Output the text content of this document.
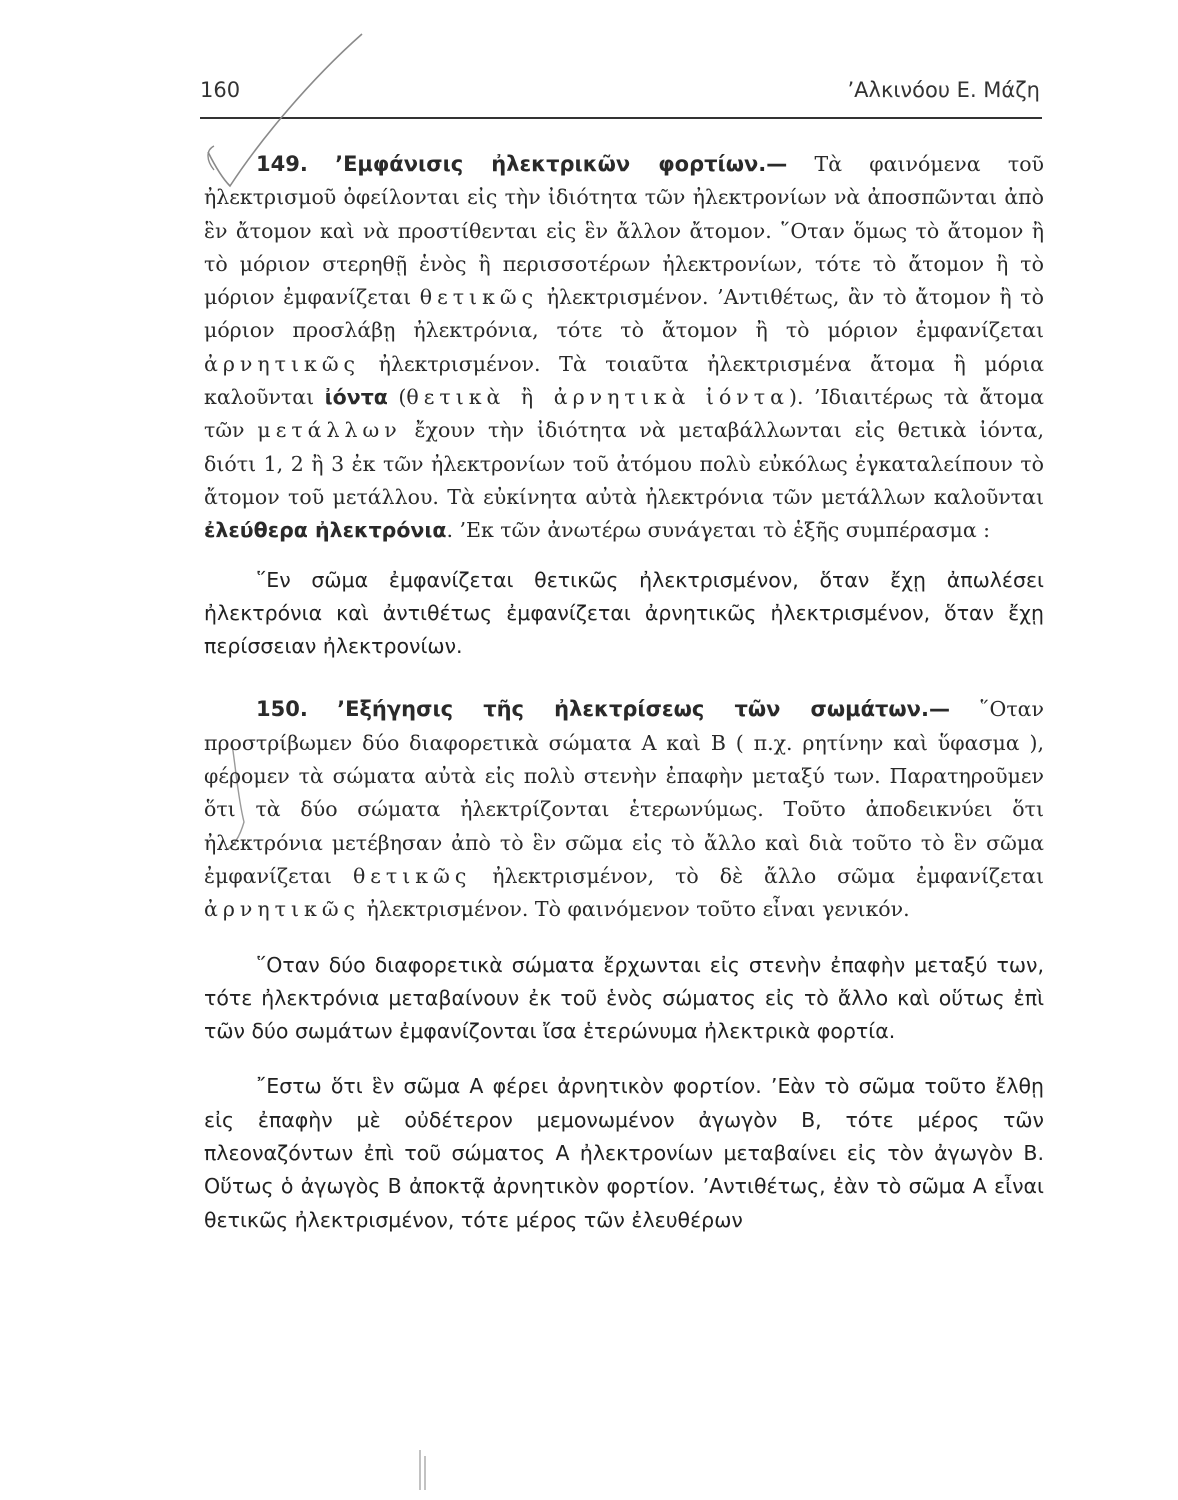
160	’Αλκινόου Ε. Μάζη

149. ’Εμφάνισις ἠλεκτρικῶν φορτίων.— Τὰ φαινόμενα τοῦ ἠλεκτρισμοῦ ὀφείλονται εἰς τὴν ἰδιότητα τῶν ἠλεκτρονίων νὰ ἀποσπῶνται ἀπὸ ἓν ἄτομον καὶ νὰ προστίθενται εἰς ἓν ἄλλον ἄτομον. ῞Οταν ὅμως τὸ ἄτομον ἢ τὸ μόριον στερηθῇ ἑνὸς ἢ περισσοτέρων ἠλεκτρονίων, τότε τὸ ἄτομον ἢ τὸ μόριον ἐμφανίζεται θετικῶς ἠλεκτρισμένον. ’Αντιθέτως, ἂν τὸ ἄτομον ἢ τὸ μόριον προσλάβῃ ἠλεκτρόνια, τότε τὸ ἄτομον ἢ τὸ μόριον ἐμφανίζεται ἀρνητικῶς ἠλεκτρισμένον. Τὰ τοιαῦτα ἠλεκτρισμένα ἄτομα ἢ μόρια καλοῦνται ἰόντα (θετικὰ ἢ ἀρνητικὰ ἰόντα). ’Ιδιαιτέρως τὰ ἄτομα τῶν μετάλλων ἔχουν τὴν ἰδιότητα νὰ μεταβάλλωνται εἰς θετικὰ ἰόντα, διότι 1, 2 ἢ 3 ἐκ τῶν ἠλεκτρονίων τοῦ ἀτόμου πολὺ εὐκόλως ἐγκαταλείπουν τὸ ἄτομον τοῦ μετάλλου. Τὰ εὐκίνητα αὐτὰ ἠλεκτρόνια τῶν μετάλλων καλοῦνται ἐλεύθερα ἠλεκτρόνια. ’Εκ τῶν ἀνωτέρω συνάγεται τὸ ἑξῆς συμπέρασμα :

῞Εν σῶμα ἐμφανίζεται θετικῶς ἠλεκτρισμένον, ὅταν ἔχῃ ἀπωλέσει ἠλεκτρόνια καὶ ἀντιθέτως ἐμφανίζεται ἀρνητικῶς ἠλεκτρισμένον, ὅταν ἔχῃ περίσσειαν ἠλεκτρονίων.

150. ’Εξήγησις τῆς ἠλεκτρίσεως τῶν σωμάτων.— ῞Οταν προστρίβωμεν δύο διαφορετικὰ σώματα Α καὶ Β ( π.χ. ρητίνην καὶ ὕφασμα ), φέρομεν τὰ σώματα αὐτὰ εἰς πολὺ στενὴν ἐπαφὴν μεταξύ των. Παρατηροῦμεν ὅτι τὰ δύο σώματα ἠλεκτρίζονται ἑτερωνύμως. Τοῦτο ἀποδεικνύει ὅτι ἠλεκτρόνια μετέβησαν ἀπὸ τὸ ἓν σῶμα εἰς τὸ ἄλλο καὶ διὰ τοῦτο τὸ ἓν σῶμα ἐμφανίζεται θετικῶς ἠλεκτρισμένον, τὸ δὲ ἄλλο σῶμα ἐμφανίζεται ἀρνητικῶς ἠλεκτρισμένον. Τὸ φαινόμενον τοῦτο εἶναι γενικόν.

῞Οταν δύο διαφορετικὰ σώματα ἔρχωνται εἰς στενὴν ἐπαφὴν μεταξύ των, τότε ἠλεκτρόνια μεταβαίνουν ἐκ τοῦ ἑνὸς σώματος εἰς τὸ ἄλλο καὶ οὕτως ἐπὶ τῶν δύο σωμάτων ἐμφανίζονται ἴσα ἑτερώνυμα ἠλεκτρικὰ φορτία.

῎Εστω ὅτι ἓν σῶμα Α φέρει ἀρνητικὸν φορτίον. ’Εὰν τὸ σῶμα τοῦτο ἔλθῃ εἰς ἐπαφὴν μὲ οὐδέτερον μεμονωμένον ἀγωγὸν Β, τότε μέρος τῶν πλεοναζόντων ἐπὶ τοῦ σώματος Α ἠλεκτρονίων μεταβαίνει εἰς τὸν ἀγωγὸν Β. Οὕτως ὁ ἀγωγὸς Β ἀποκτᾷ ἀρνητικὸν φορτίον. ’Αντιθέτως, ἐὰν τὸ σῶμα Α εἶναι θετικῶς ἠλεκτρισμένον, τότε μέρος τῶν ἐλευθέρων
